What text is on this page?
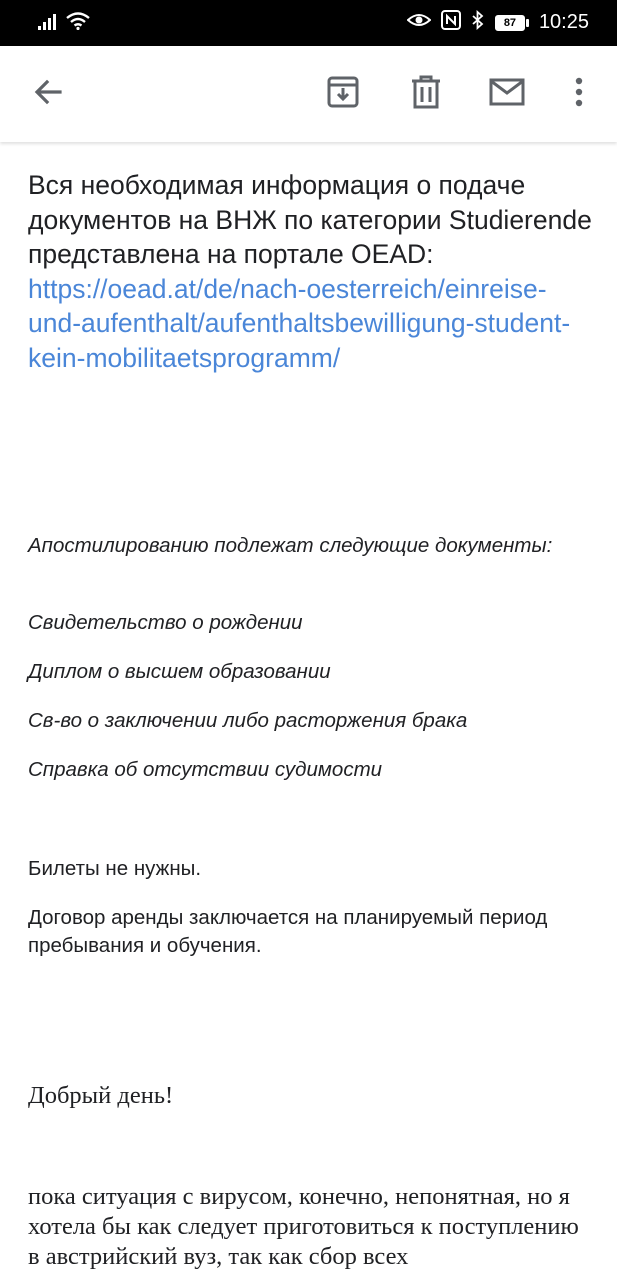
87	10:25

Вся необходимая информация о подаче документов на ВНЖ по категории Studierende представлена на портале OEAD: https://oead.at/de/nach-oesterreich/einreise-und-aufenthalt/aufenthaltsbewilligung-student-kein-mobilitaetsprogramm/

Апостилированию подлежат следующие документы:

Свидетельство о рождении

Диплом о высшем образовании

Св-во о заключении либо расторжения брака

Справка об отсутствии судимости

Билеты не нужны.

Договор аренды заключается на планируемый период пребывания и обучения.

Добрый день!

пока ситуация с вирусом, конечно, непонятная, но я хотела бы как следует приготовиться к поступлению в австрийский вуз, так как сбор всех
